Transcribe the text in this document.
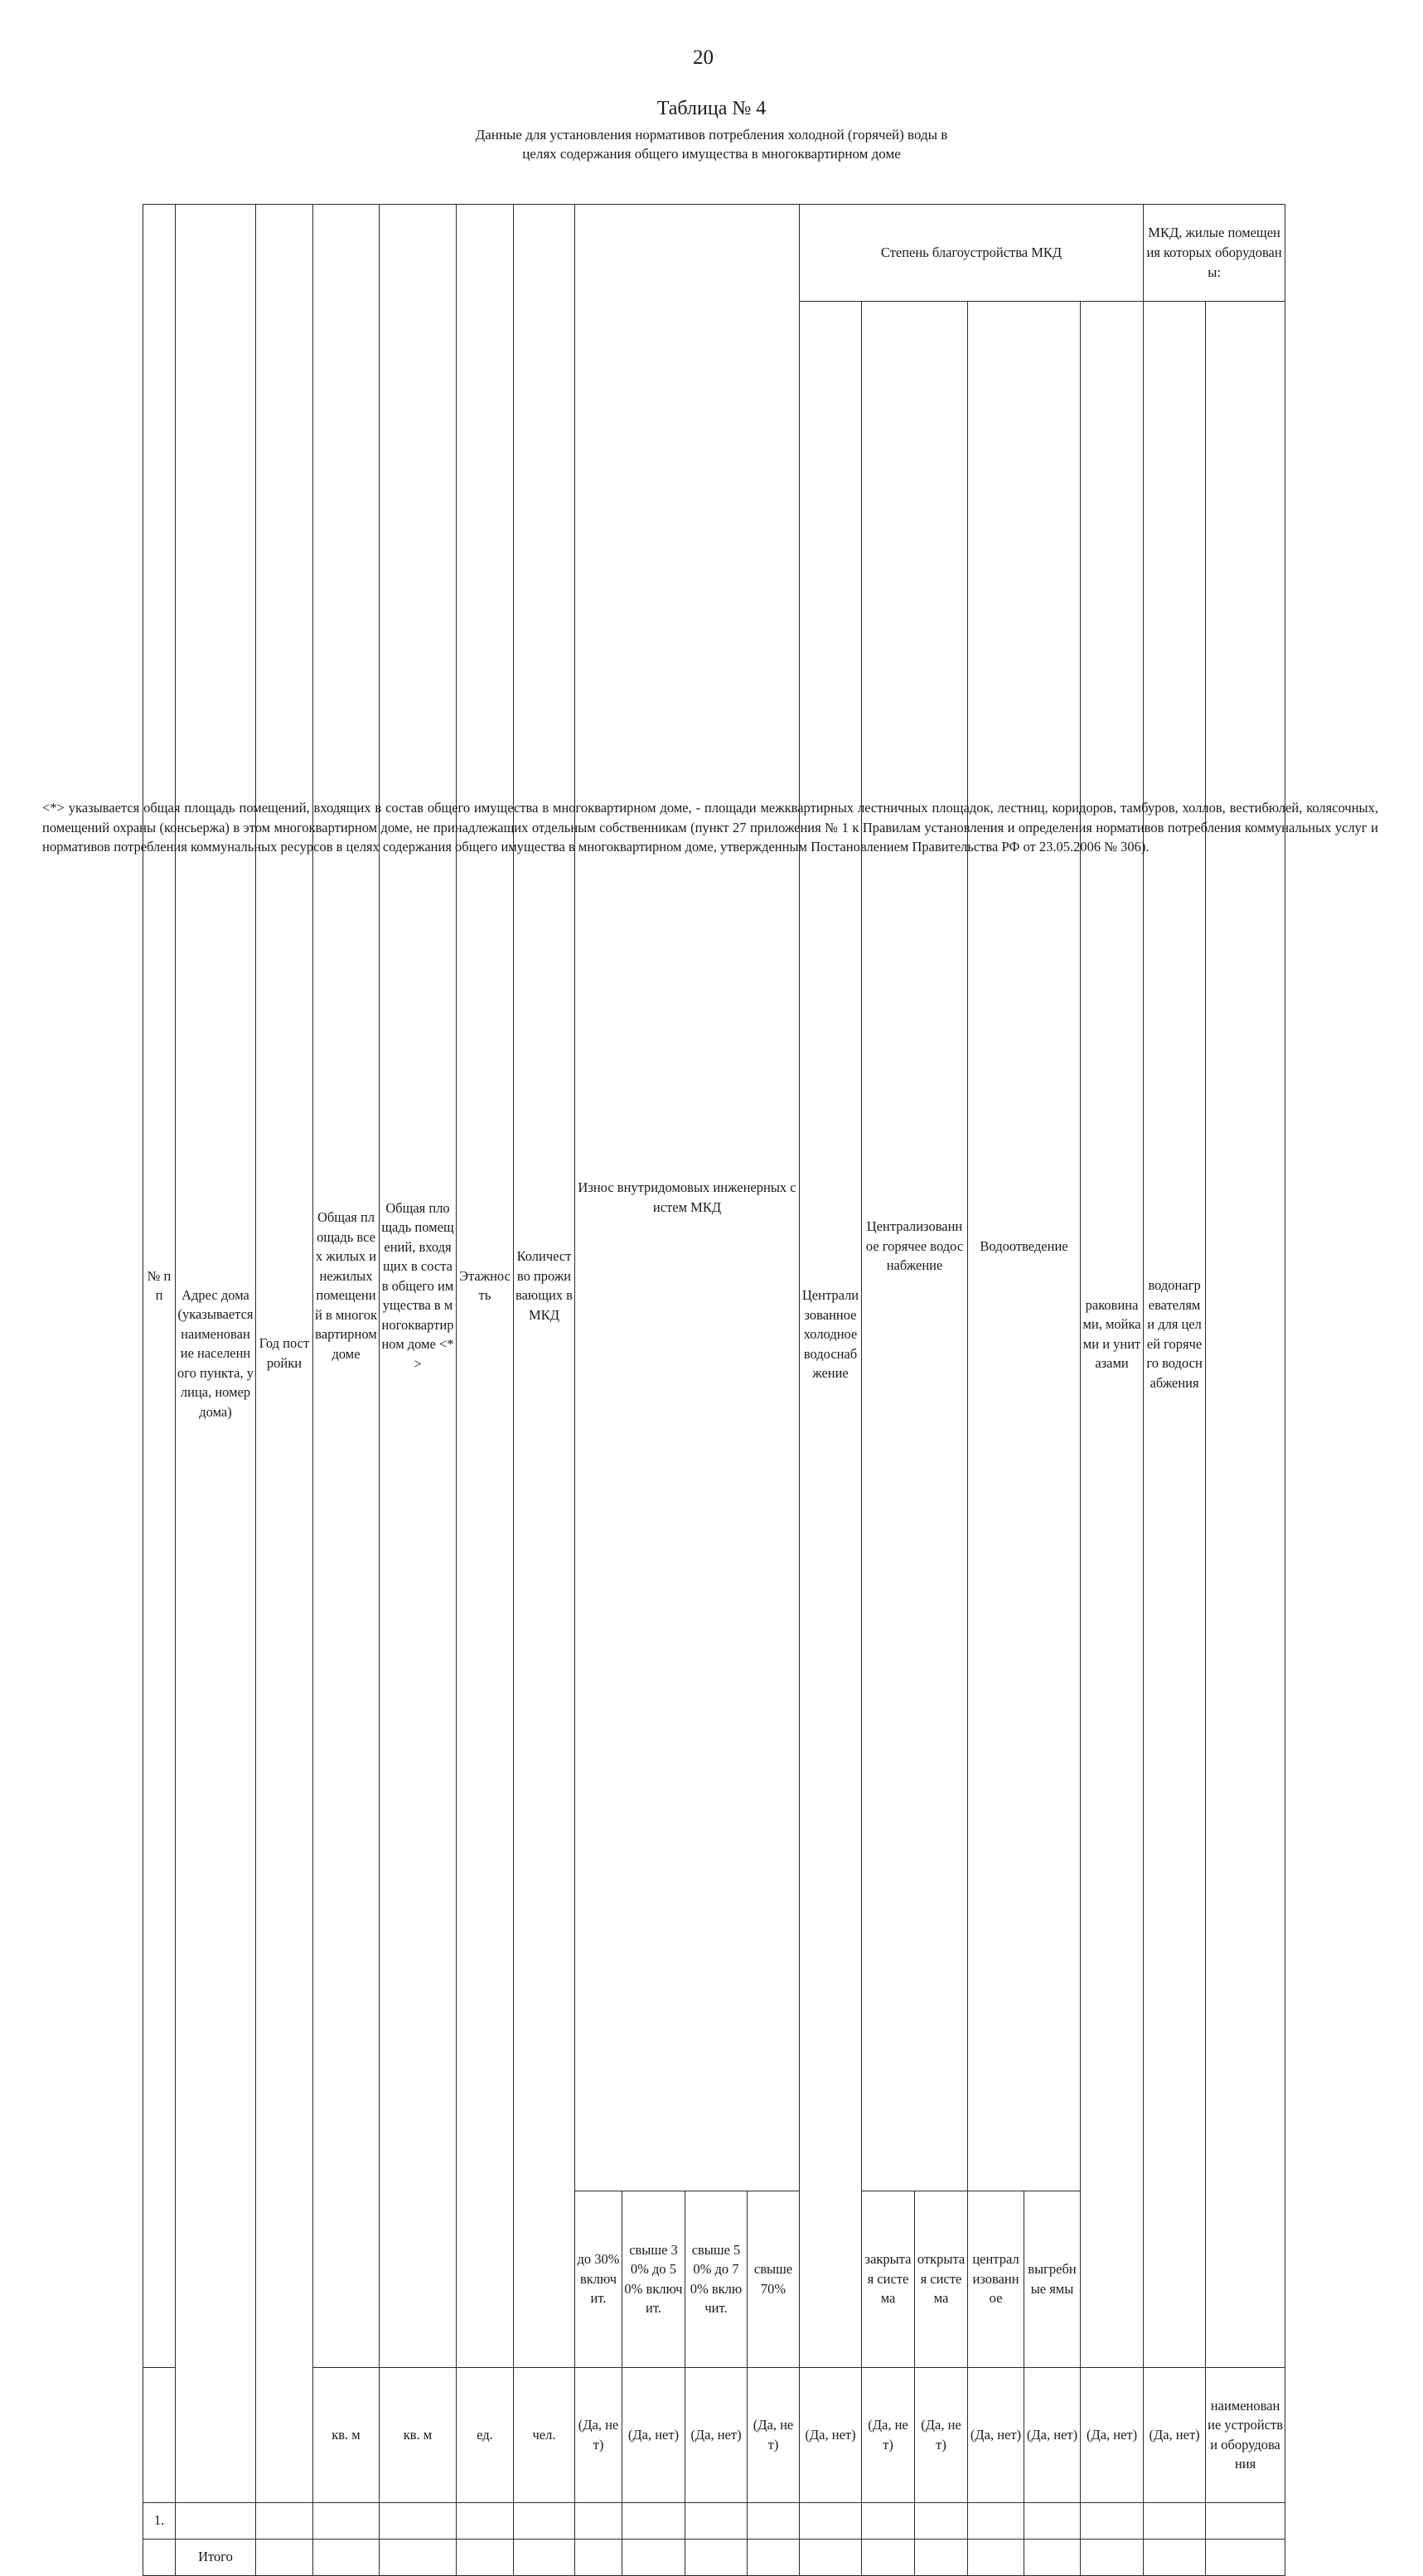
20
Таблица № 4
Данные для установления нормативов потребления холодной (горячей) воды в
целях содержания общего имущества в многоквартирном доме
№ пп	Адрес дома (указывается наименование населенного пункта, улица, номер дома)	Год постройки	Общая площадь всех жилых и нежилых помещений в многоквартирном доме	Общая площадь помещений, входящих в состав общего имущества в многоквартирном доме <*>	Этажность	Количество проживающих в МКД	Износ внутридомовых инженерных систем МКД				Степень благоустройства МКД						МКД, жилые помещения которых оборудованы:	
											Централизованное холодное водоснабжение	Централизованное горячее водоснабжение		Водоотведение		раковинами, мойками и унитазами	водонагревателями для целей горячего водоснабжения		
							до 30% включит.	свыше 30% до 50% включит.	свыше 50% до 70% включит.	свыше 70%		закрытая система	открытая система	централизованное	выгребные ямы				
			кв. м	кв. м	ед.	чел.	(Да, нет)	(Да, нет)	(Да, нет)	(Да, нет)	(Да, нет)	(Да, нет)	(Да, нет)	(Да, нет)	(Да, нет)	(Да, нет)	(Да, нет)	наименование устройств и оборудования	
1.																			
	Итого																		
<*> указывается общая площадь помещений, входящих в состав общего имущества в многоквартирном доме, - площади межквартирных лестничных площадок, лестниц, коридоров, тамбуров, холлов, вестибюлей, колясочных, помещений охраны (консьержа) в этом многоквартирном доме, не принадлежащих отдельным собственникам (пункт 27 приложения № 1 к Правилам установления и определения нормативов потребления коммунальных услуг и нормативов потребления коммунальных ресурсов в целях содержания общего имущества в многоквартирном доме, утвержденным Постановлением Правительства РФ от 23.05.2006 № 306).
